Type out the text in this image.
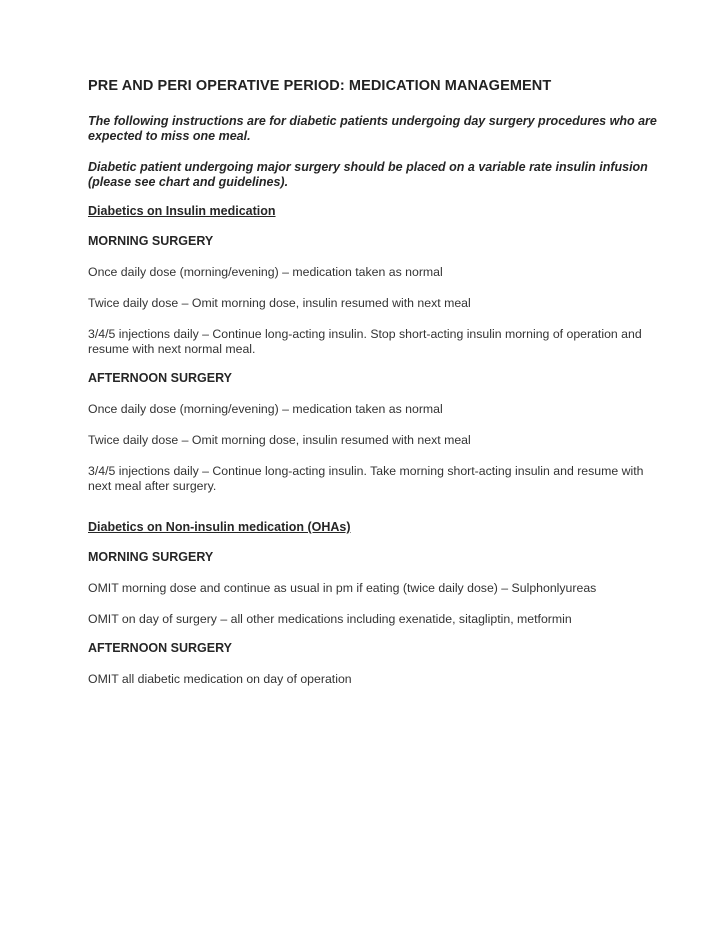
PRE AND PERI OPERATIVE PERIOD: MEDICATION MANAGEMENT

The following instructions are for diabetic patients undergoing day surgery procedures who are expected to miss one meal.

Diabetic patient undergoing major surgery should be placed on a variable rate insulin infusion (please see chart and guidelines).

Diabetics on Insulin medication
MORNING SURGERY

Once daily dose (morning/evening) – medication taken as normal

Twice daily dose – Omit morning dose, insulin resumed with next meal

3/4/5 injections daily – Continue long-acting insulin. Stop short-acting insulin morning of operation and resume with next normal meal.

AFTERNOON SURGERY

Once daily dose (morning/evening) – medication taken as normal

Twice daily dose – Omit morning dose, insulin resumed with next meal

3/4/5 injections daily – Continue long-acting insulin. Take morning short-acting insulin and resume with next meal after surgery.

Diabetics on Non-insulin medication (OHAs)
MORNING SURGERY

OMIT morning dose and continue as usual in pm if eating (twice daily dose) – Sulphonlyureas

OMIT on day of surgery – all other medications including exenatide, sitagliptin, metformin

AFTERNOON SURGERY

OMIT all diabetic medication on day of operation
